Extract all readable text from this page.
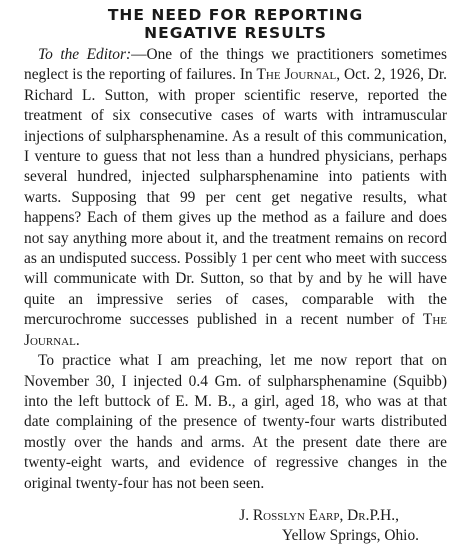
THE NEED FOR REPORTING
NEGATIVE RESULTS

To the Editor:—One of the things we practitioners sometimes neglect is the reporting of failures. In The Journal, Oct. 2, 1926, Dr. Richard L. Sutton, with proper scientific reserve, reported the treatment of six consecutive cases of warts with intramuscular injections of sulpharsphenamine. As a result of this communication, I venture to guess that not less than a hundred physicians, perhaps several hundred, injected sulpharsphenamine into patients with warts. Supposing that 99 per cent get negative results, what happens? Each of them gives up the method as a failure and does not say anything more about it, and the treatment remains on record as an undisputed success. Possibly 1 per cent who meet with success will communicate with Dr. Sutton, so that by and by he will have quite an impressive series of cases, comparable with the mercurochrome successes published in a recent number of The Journal.

To practice what I am preaching, let me now report that on November 30, I injected 0.4 Gm. of sulpharsphenamine (Squibb) into the left buttock of E. M. B., a girl, aged 18, who was at that date complaining of the presence of twenty-four warts distributed mostly over the hands and arms. At the present date there are twenty-eight warts, and evidence of regressive changes in the original twenty-four has not been seen.

J. Rosslyn Earp, Dr.P.H.,
Yellow Springs, Ohio.
